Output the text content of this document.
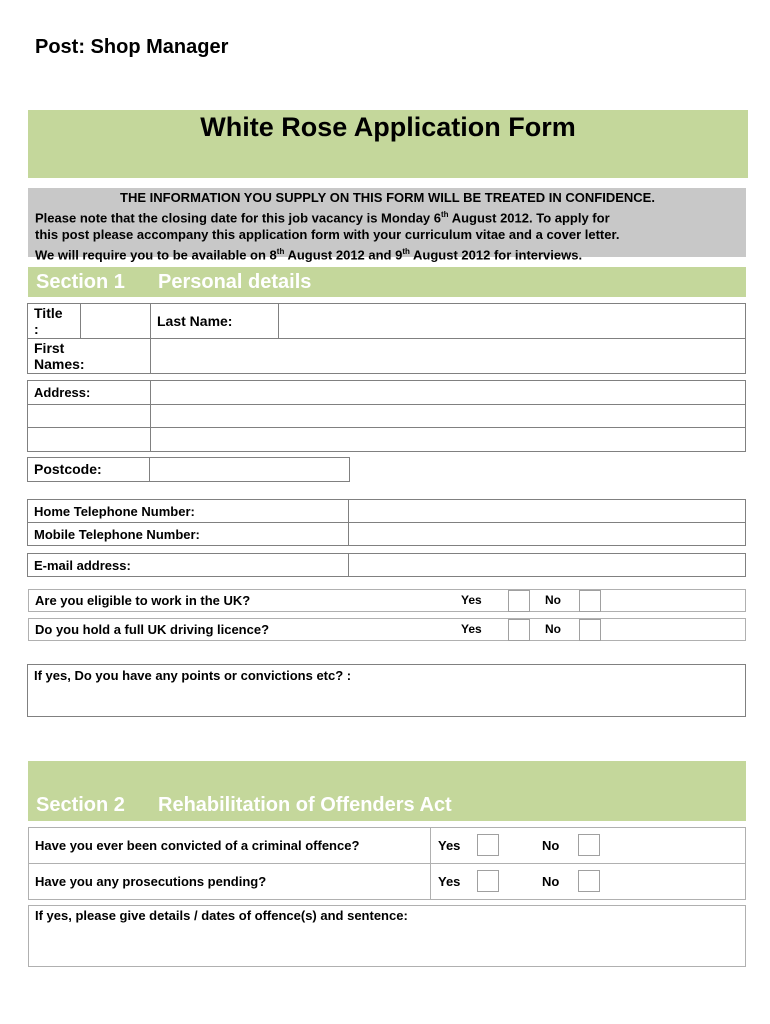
Post: Shop Manager
White Rose Application Form
THE INFORMATION YOU SUPPLY ON THIS FORM WILL BE TREATED IN CONFIDENCE.
Please note that the closing date for this job vacancy is Monday 6th August 2012. To apply for
this post please accompany this application form with your curriculum vitae and a cover letter.
We will require you to be available on 8th August 2012 and 9th August 2012 for interviews.
Section 1 Personal details
Title
:	Last Name:
First
Names:
Address:
Postcode:
Home Telephone Number:
Mobile Telephone Number:
E-mail address:
Are you eligible to work in the UK?	Yes	No
Do you hold a full UK driving licence?	Yes	No
If yes, Do you have any points or convictions etc? :
Section 2 Rehabilitation of Offenders Act
Have you ever been convicted of a criminal offence?	Yes	No
Have you any prosecutions pending?	Yes	No
If yes, please give details / dates of offence(s) and sentence:
